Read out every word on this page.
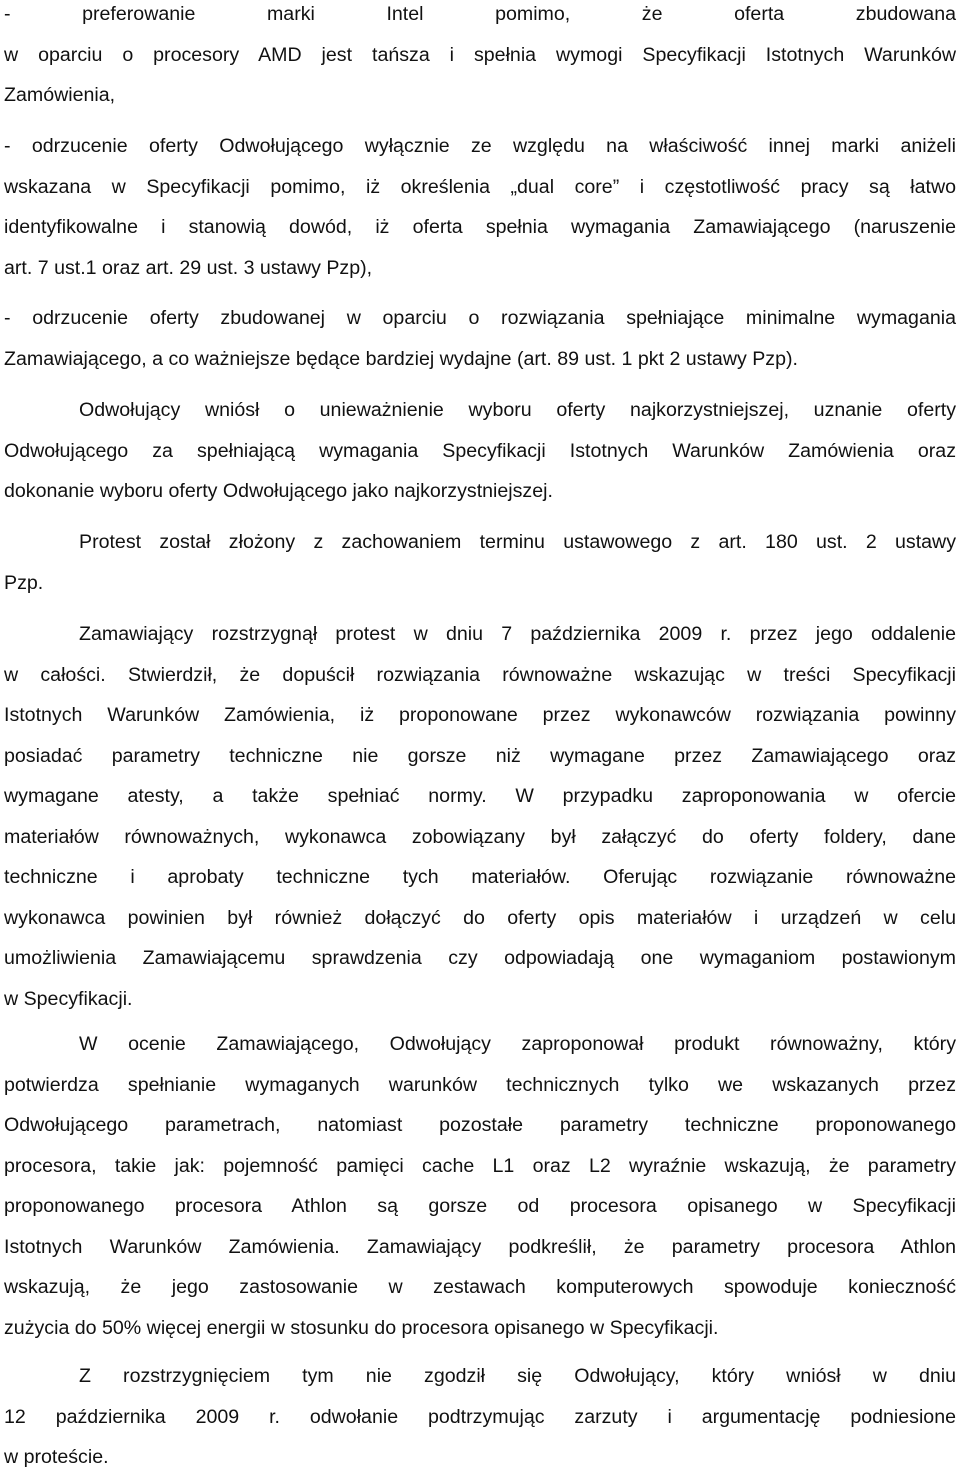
- preferowanie marki Intel pomimo, że oferta zbudowana
w oparciu o procesory AMD jest tańsza i spełnia wymogi Specyfikacji Istotnych Warunków
Zamówienia,
- odrzucenie oferty Odwołującego wyłącznie ze względu na właściwość innej marki aniżeli
wskazana w Specyfikacji pomimo, iż określenia „dual core” i częstotliwość pracy są łatwo
identyfikowalne i stanowią dowód, iż oferta spełnia wymagania Zamawiającego (naruszenie
art. 7 ust.1 oraz art. 29 ust. 3 ustawy Pzp),
- odrzucenie oferty zbudowanej w oparciu o rozwiązania spełniające minimalne wymagania
Zamawiającego, a co ważniejsze będące bardziej wydajne (art. 89 ust. 1 pkt 2 ustawy Pzp).
Odwołujący wniósł o unieważnienie wyboru oferty najkorzystniejszej, uznanie oferty
Odwołującego za spełniającą wymagania Specyfikacji Istotnych Warunków Zamówienia oraz
dokonanie wyboru oferty Odwołującego jako najkorzystniejszej.
Protest został złożony z zachowaniem terminu ustawowego z art. 180 ust. 2 ustawy
Pzp.
Zamawiający rozstrzygnął protest w dniu 7 października 2009 r. przez jego oddalenie
w całości. Stwierdził, że dopuścił rozwiązania równoważne wskazując w treści Specyfikacji
Istotnych Warunków Zamówienia, iż proponowane przez wykonawców rozwiązania powinny
posiadać parametry techniczne nie gorsze niż wymagane przez Zamawiającego oraz
wymagane atesty, a także spełniać normy. W przypadku zaproponowania w ofercie
materiałów równoważnych, wykonawca zobowiązany był załączyć do oferty foldery, dane
techniczne i aprobaty techniczne tych materiałów. Oferując rozwiązanie równoważne
wykonawca powinien był również dołączyć do oferty opis materiałów i urządzeń w celu
umożliwienia Zamawiającemu sprawdzenia czy odpowiadają one wymaganiom postawionym
w Specyfikacji.
W ocenie Zamawiającego, Odwołujący zaproponował produkt równoważny, który
potwierdza spełnianie wymaganych warunków technicznych tylko we wskazanych przez
Odwołującego parametrach, natomiast pozostałe parametry techniczne proponowanego
procesora, takie jak: pojemność pamięci cache L1 oraz L2 wyraźnie wskazują, że parametry
proponowanego procesora Athlon są gorsze od procesora opisanego w Specyfikacji
Istotnych Warunków Zamówienia. Zamawiający podkreślił, że parametry procesora Athlon
wskazują, że jego zastosowanie w zestawach komputerowych spowoduje konieczność
zużycia do 50% więcej energii w stosunku do procesora opisanego w Specyfikacji.
Z rozstrzygnięciem tym nie zgodził się Odwołujący, który wniósł w dniu
12 października 2009 r. odwołanie podtrzymując zarzuty i argumentację podniesione
w proteście.
